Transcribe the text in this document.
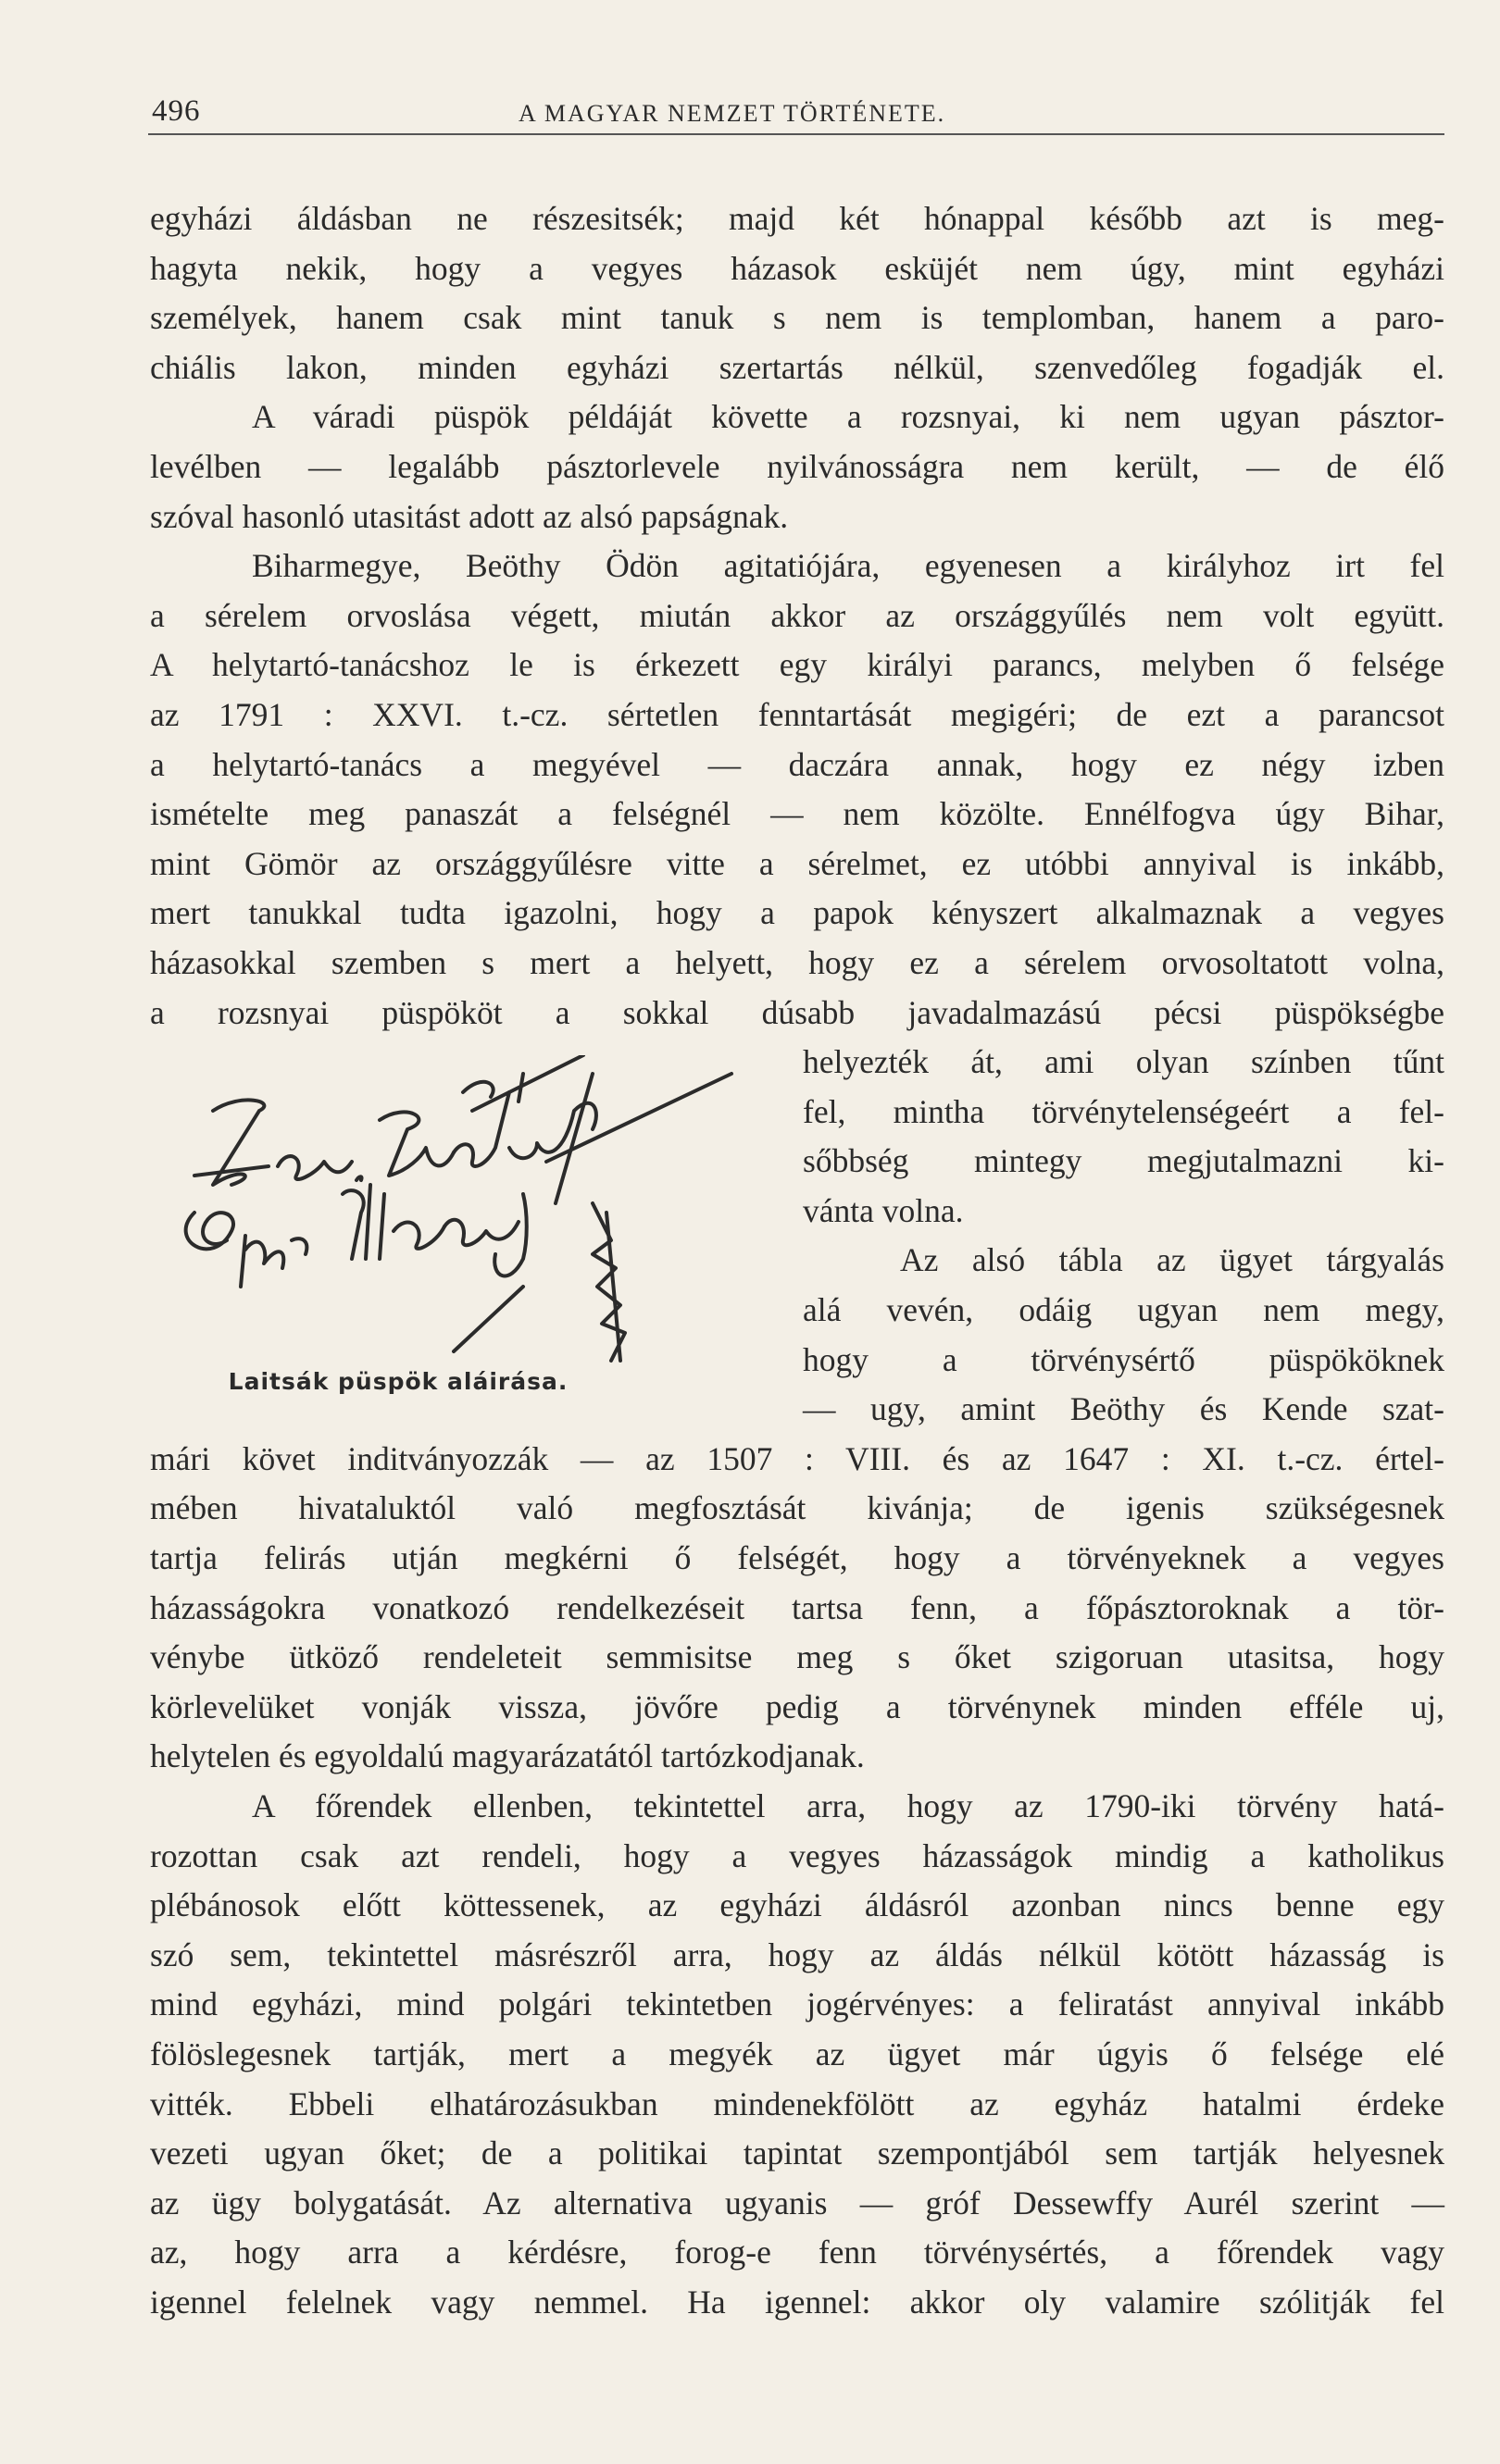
496	A MAGYAR NEMZET TÖRTÉNETE.
egyházi áldásban ne részesitsék; majd két hónappal később azt is meg-
hagyta nekik, hogy a vegyes házasok esküjét nem úgy, mint egyházi
személyek, hanem csak mint tanuk s nem is templomban, hanem a paro-
chiális lakon, minden egyházi szertartás nélkül, szenvedőleg fogadják el.
A váradi püspök példáját követte a rozsnyai, ki nem ugyan pásztor-
levélben — legalább pásztorlevele nyilvánosságra nem került, — de élő
szóval hasonló utasitást adott az alsó papságnak.
Biharmegye, Beöthy Ödön agitatiójára, egyenesen a királyhoz irt fel
a sérelem orvoslása végett, miután akkor az országgyűlés nem volt együtt.
A helytartó-tanácshoz le is érkezett egy királyi parancs, melyben ő felsége
az 1791 : XXVI. t.-cz. sértetlen fenntartását megigéri; de ezt a parancsot
a helytartó-tanács a megyével — daczára annak, hogy ez négy izben
ismételte meg panaszát a felségnél — nem közölte. Ennélfogva úgy Bihar,
mint Gömör az országgyűlésre vitte a sérelmet, ez utóbbi annyival is inkább,
mert tanukkal tudta igazolni, hogy a papok kényszert alkalmaznak a vegyes
házasokkal szemben s mert a helyett, hogy ez a sérelem orvosoltatott volna,
a rozsnyai püspököt a sokkal dúsabb javadalmazású pécsi püspökségbe
helyezték át, ami olyan színben tűnt
fel, mintha törvénytelenségeért a fel-
sőbbség mintegy megjutalmazni ki-
vánta volna.
Az alsó tábla az ügyet tárgyalás
alá vevén, odáig ugyan nem megy,
hogy a törvénysértő püspököknek
— ugy, amint Beöthy és Kende szat-
mári követ inditványozzák — az 1507 : VIII. és az 1647 : XI. t.-cz. értel-
mében hivataluktól való megfosztását kivánja; de igenis szükségesnek
tartja felirás utján megkérni ő felségét, hogy a törvényeknek a vegyes
házasságokra vonatkozó rendelkezéseit tartsa fenn, a főpásztoroknak a tör-
vénybe ütköző rendeleteit semmisitse meg s őket szigoruan utasitsa, hogy
körlevelüket vonják vissza, jövőre pedig a törvénynek minden efféle uj,
helytelen és egyoldalú magyarázatától tartózkodjanak.
A főrendek ellenben, tekintettel arra, hogy az 1790-iki törvény hatá-
rozottan csak azt rendeli, hogy a vegyes házasságok mindig a katholikus
plébánosok előtt köttessenek, az egyházi áldásról azonban nincs benne egy
szó sem, tekintettel másrészről arra, hogy az áldás nélkül kötött házasság is
mind egyházi, mind polgári tekintetben jogérvényes: a feliratást annyival inkább
fölöslegesnek tartják, mert a megyék az ügyet már úgyis ő felsége elé
vitték. Ebbeli elhatározásukban mindenekfölött az egyház hatalmi érdeke
vezeti ugyan őket; de a politikai tapintat szempontjából sem tartják helyesnek
az ügy bolygatását. Az alternativa ugyanis — gróf Dessewffy Aurél szerint —
az, hogy arra a kérdésre, forog-e fenn törvénysértés, a főrendek vagy
igennel felelnek vagy nemmel. Ha igennel: akkor oly valamire szólitják fel
Laitsák püspök aláirása.
